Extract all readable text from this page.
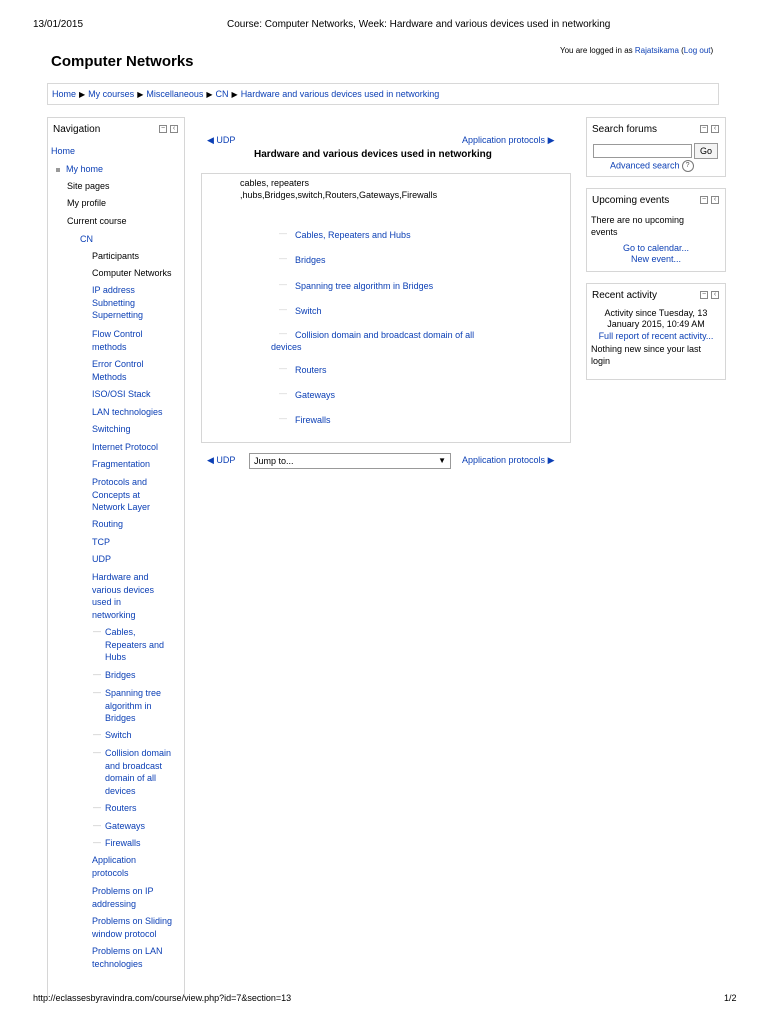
13/01/2015	Course: Computer Networks, Week: Hardware and various devices used in networking
Computer Networks
You are logged in as Rajatsikama (Log out)
Home ▶ My courses ▶ Miscellaneous ▶ CN ▶ Hardware and various devices used in networking
Navigation	−	‹
Home
My home
Site pages
My profile
Current course
CN
Participants
Computer Networks
IP address Subnetting Supernetting
Flow Control methods
Error Control Methods
ISO/OSI Stack
LAN technologies
Switching
Internet Protocol
Fragmentation
Protocols and Concepts at Network Layer
Routing
TCP
UDP
Hardware and various devices used in networking
— Cables, Repeaters and Hubs
— Bridges
— Spanning tree algorithm in Bridges
— Switch
— Collision domain and broadcast domain of all devices
— Routers
— Gateways
— Firewalls
Application protocols
Problems on IP addressing
Problems on Sliding window protocol
Problems on LAN technologies
◀ UDP	Application protocols ▶
Hardware and various devices used in networking
cables, repeaters
,hubs,Bridges,switch,Routers,Gateways,Firewalls
— Cables, Repeaters and Hubs
— Bridges
— Spanning tree algorithm in Bridges
— Switch
— Collision domain and broadcast domain of all
devices
— Routers
— Gateways
— Firewalls
◀ UDP	Jump to...	▼ Application protocols ▶
Search forums	−	‹
Go
Advanced search ?
Upcoming events	−	‹
There are no upcoming
events
Go to calendar...
New event...
Recent activity	−	‹
Activity since Tuesday, 13
January 2015, 10:49 AM
Full report of recent activity...
Nothing new since your last
login
http://eclassesbyravindra.com/course/view.php?id=7&section=13	1/2
